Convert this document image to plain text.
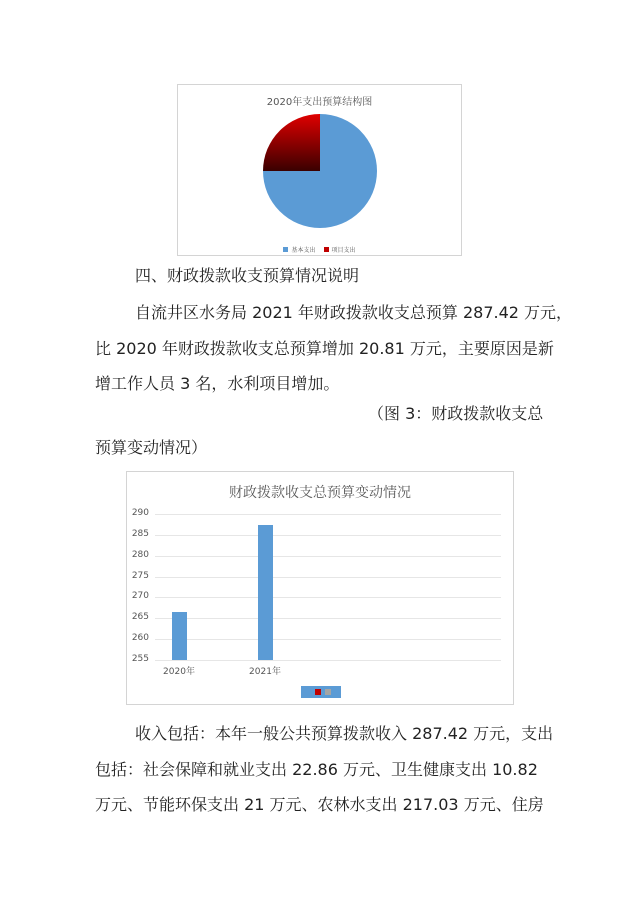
2020年支出预算结构图
基本支出	项目支出
四、财政拨款收支预算情况说明
自流井区水务局 2021 年财政拨款收支总预算 287.42 万元，
比 2020 年财政拨款收支总预算增加 20.81 万元，主要原因是新
增工作人员 3 名，水利项目增加。
（图 3：财政拨款收支总
预算变动情况）
财政拨款收支总预算变动情况
255
260
265
270
275
280
285
290
2020年	2021年
收入包括：本年一般公共预算拨款收入 287.42 万元，支出
包括：社会保障和就业支出 22.86 万元、卫生健康支出 10.82
万元、节能环保支出 21 万元、农林水支出 217.03 万元、住房
